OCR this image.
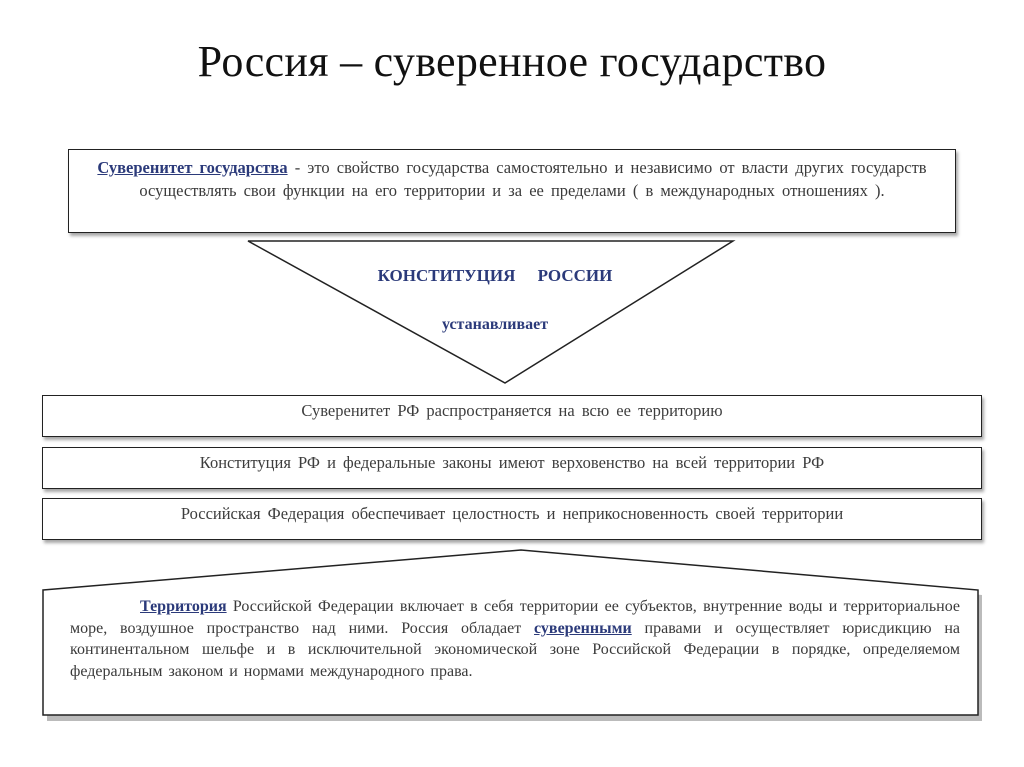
Россия – суверенное государство
Суверенитет государства - это свойство государства самостоятельно и независимо от власти других государств осуществлять свои функции на его территории и за ее пределами ( в международных отношениях ).
КОНСТИТУЦИЯ РОССИИ
устанавливает
Суверенитет РФ распространяется на всю ее территорию
Конституция РФ и федеральные законы имеют верховенство на всей территории РФ
Российская Федерация обеспечивает целостность и неприкосновенность своей территории
Территория Российской Федерации включает в себя территории ее субъектов, внутренние воды и территориальное море, воздушное пространство над ними. Россия обладает суверенными правами и осуществляет юрисдикцию на континентальном шельфе и в исключительной экономической зоне Российской Федерации в порядке, определяемом федеральным законом и нормами международного права.
